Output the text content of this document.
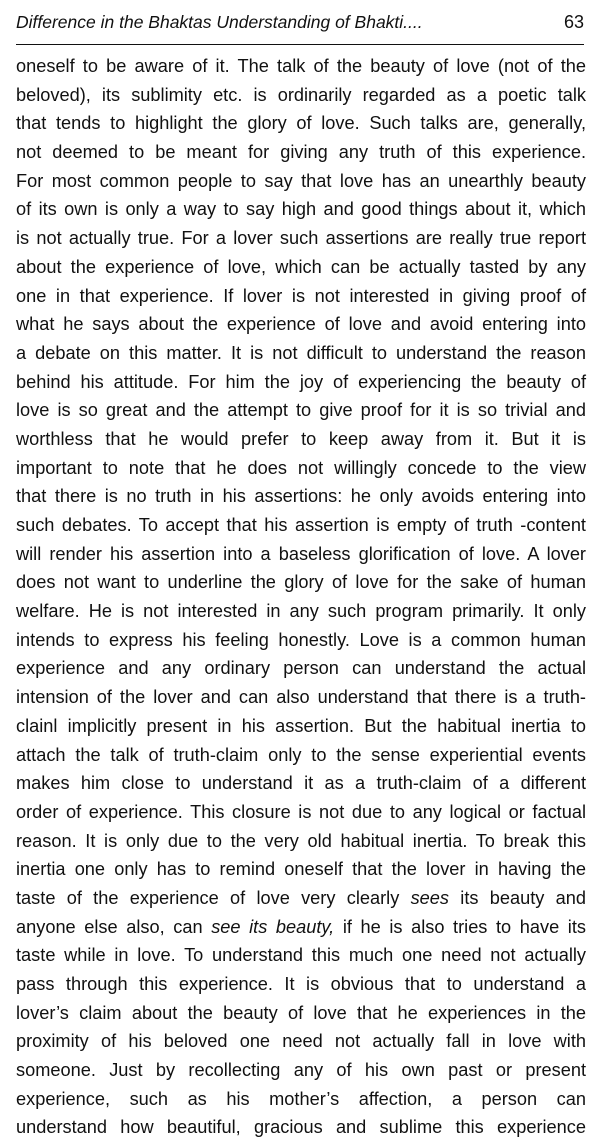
Difference in the Bhaktas Understanding of Bhakti....	63
oneself to be aware of it. The talk of the beauty of love (not of the
beloved), its sublimity etc. is ordinarily regarded as a poetic talk
that tends to highlight the glory of love. Such talks are, generally,
not deemed to be meant for giving any truth of this experience.
For most common people to say that love has an unearthly beauty
of its own is only a way to say high and good things about it, which
is not actually true. For a lover such assertions are really true report
about the experience of love, which can be actually tasted by any
one in that experience. If lover is not interested in giving proof of
what he says about the experience of love and avoid entering into
a debate on this matter. It is not difficult to understand the reason
behind his attitude. For him the joy of experiencing the beauty of
love is so great and the attempt to give proof for it is so trivial and
worthless that he would prefer to keep away from it. But it is
important to note that he does not willingly concede to the view
that there is no truth in his assertions: he only avoids entering into
such debates. To accept that his assertion is empty of truth -content
will render his assertion into a baseless glorification of love. A lover
does not want to underline the glory of love for the sake of human
welfare. He is not interested in any such program primarily. It only
intends to express his feeling honestly. Love is a common human
experience and any ordinary person can understand the actual
intension of the lover and can also understand that there is a truth-
clainl implicitly present in his assertion. But the habitual inertia to
attach the talk of truth-claim only to the sense experiential events
makes him close to understand it as a truth-claim of a different
order of experience. This closure is not due to any logical or factual
reason. It is only due to the very old habitual inertia. To break this
inertia one only has to remind oneself that the lover in having the
taste of the experience of love very clearly sees its beauty and
anyone else also, can see its beauty, if he is also tries to have its
taste while in love. To understand this much one need not actually
pass through this experience. It is obvious that to understand a
lover’s claim about the beauty of love that he experiences in the
proximity of his beloved one need not actually fall in love with
someone. Just by recollecting any of his own past or present
experience, such as his mother’s affection, a person can
understand how beautiful, gracious and sublime this experience
